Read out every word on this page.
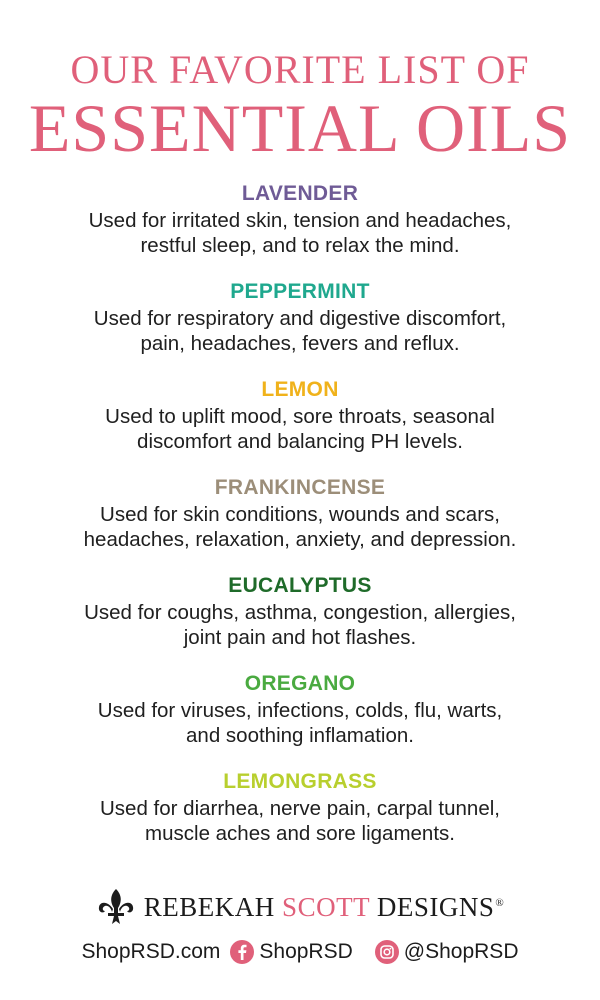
OUR FAVORITE LIST OF
ESSENTIAL OILS
LAVENDER
Used for irritated skin, tension and headaches,
restful sleep, and to relax the mind.
PEPPERMINT
Used for respiratory and digestive discomfort,
pain, headaches, fevers and reflux.
LEMON
Used to uplift mood, sore throats, seasonal
discomfort and balancing PH levels.
FRANKINCENSE
Used for skin conditions, wounds and scars,
headaches, relaxation, anxiety, and depression.
EUCALYPTUS
Used for coughs, asthma, congestion, allergies,
joint pain and hot flashes.
OREGANO
Used for viruses, infections, colds, flu, warts,
and soothing inflamation.
LEMONGRASS
Used for diarrhea, nerve pain, carpal tunnel,
muscle aches and sore ligaments.
REBEKAH SCOTT DESIGNS®
ShopRSD.com ShopRSD @ShopRSD
